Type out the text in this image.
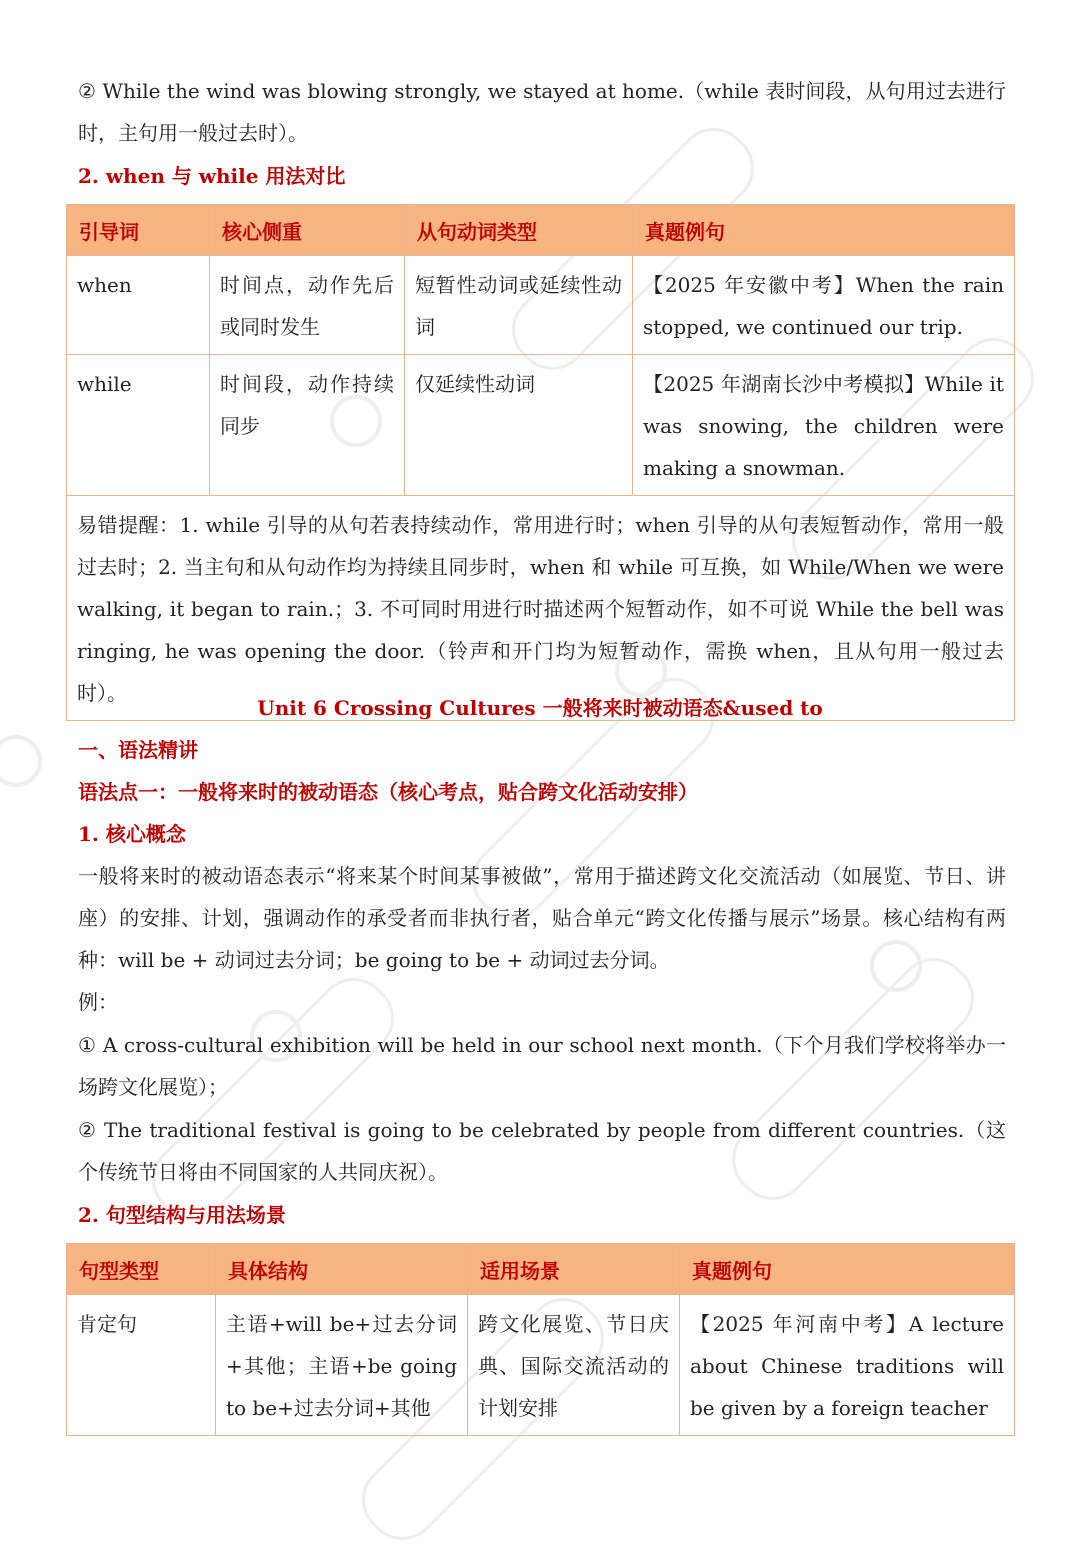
② While the wind was blowing strongly, we stayed at home.（while 表时间段，从句用过去进行时，主句用一般过去时）。

2. when 与 while 用法对比
引导词	核心侧重	从句动词类型	真题例句
when	时间点，动作先后或同时发生	短暂性动词或延续性动词	【2025 年安徽中考】When the rain stopped, we continued our trip.
while	时间段，动作持续同步	仅延续性动词	【2025 年湖南长沙中考模拟】While it was snowing, the children were making a snowman.
易错提醒：1. while 引导的从句若表持续动作，常用进行时；when 引导的从句表短暂动作，常用一般过去时；2. 当主句和从句动作均为持续且同步时，when 和 while 可互换，如 While/When we were walking, it began to rain.；3. 不可同时用进行时描述两个短暂动作，如不可说 While the bell was ringing, he was opening the door.（铃声和开门均为短暂动作，需换 when，且从句用一般过去时）。			
Unit 6 Crossing Cultures 一般将来时被动语态&used to
一、语法精讲
语法点一：一般将来时的被动语态（核心考点，贴合跨文化活动安排）
1. 核心概念

一般将来时的被动语态表示“将来某个时间某事被做”，常用于描述跨文化交流活动（如展览、节日、讲座）的安排、计划，强调动作的承受者而非执行者，贴合单元“跨文化传播与展示”场景。核心结构有两种：will be + 动词过去分词；be going to be + 动词过去分词。

例：

① A cross-cultural exhibition will be held in our school next month.（下个月我们学校将举办一场跨文化展览）；

② The traditional festival is going to be celebrated by people from different countries.（这个传统节日将由不同国家的人共同庆祝）。

2. 句型结构与用法场景
句型类型	具体结构	适用场景	真题例句
肯定句	主语+will be+过去分词+其他；主语+be going to be+过去分词+其他	跨文化展览、节日庆典、国际交流活动的计划安排	【2025 年河南中考】A lecture about Chinese traditions will be given by a foreign teacher
